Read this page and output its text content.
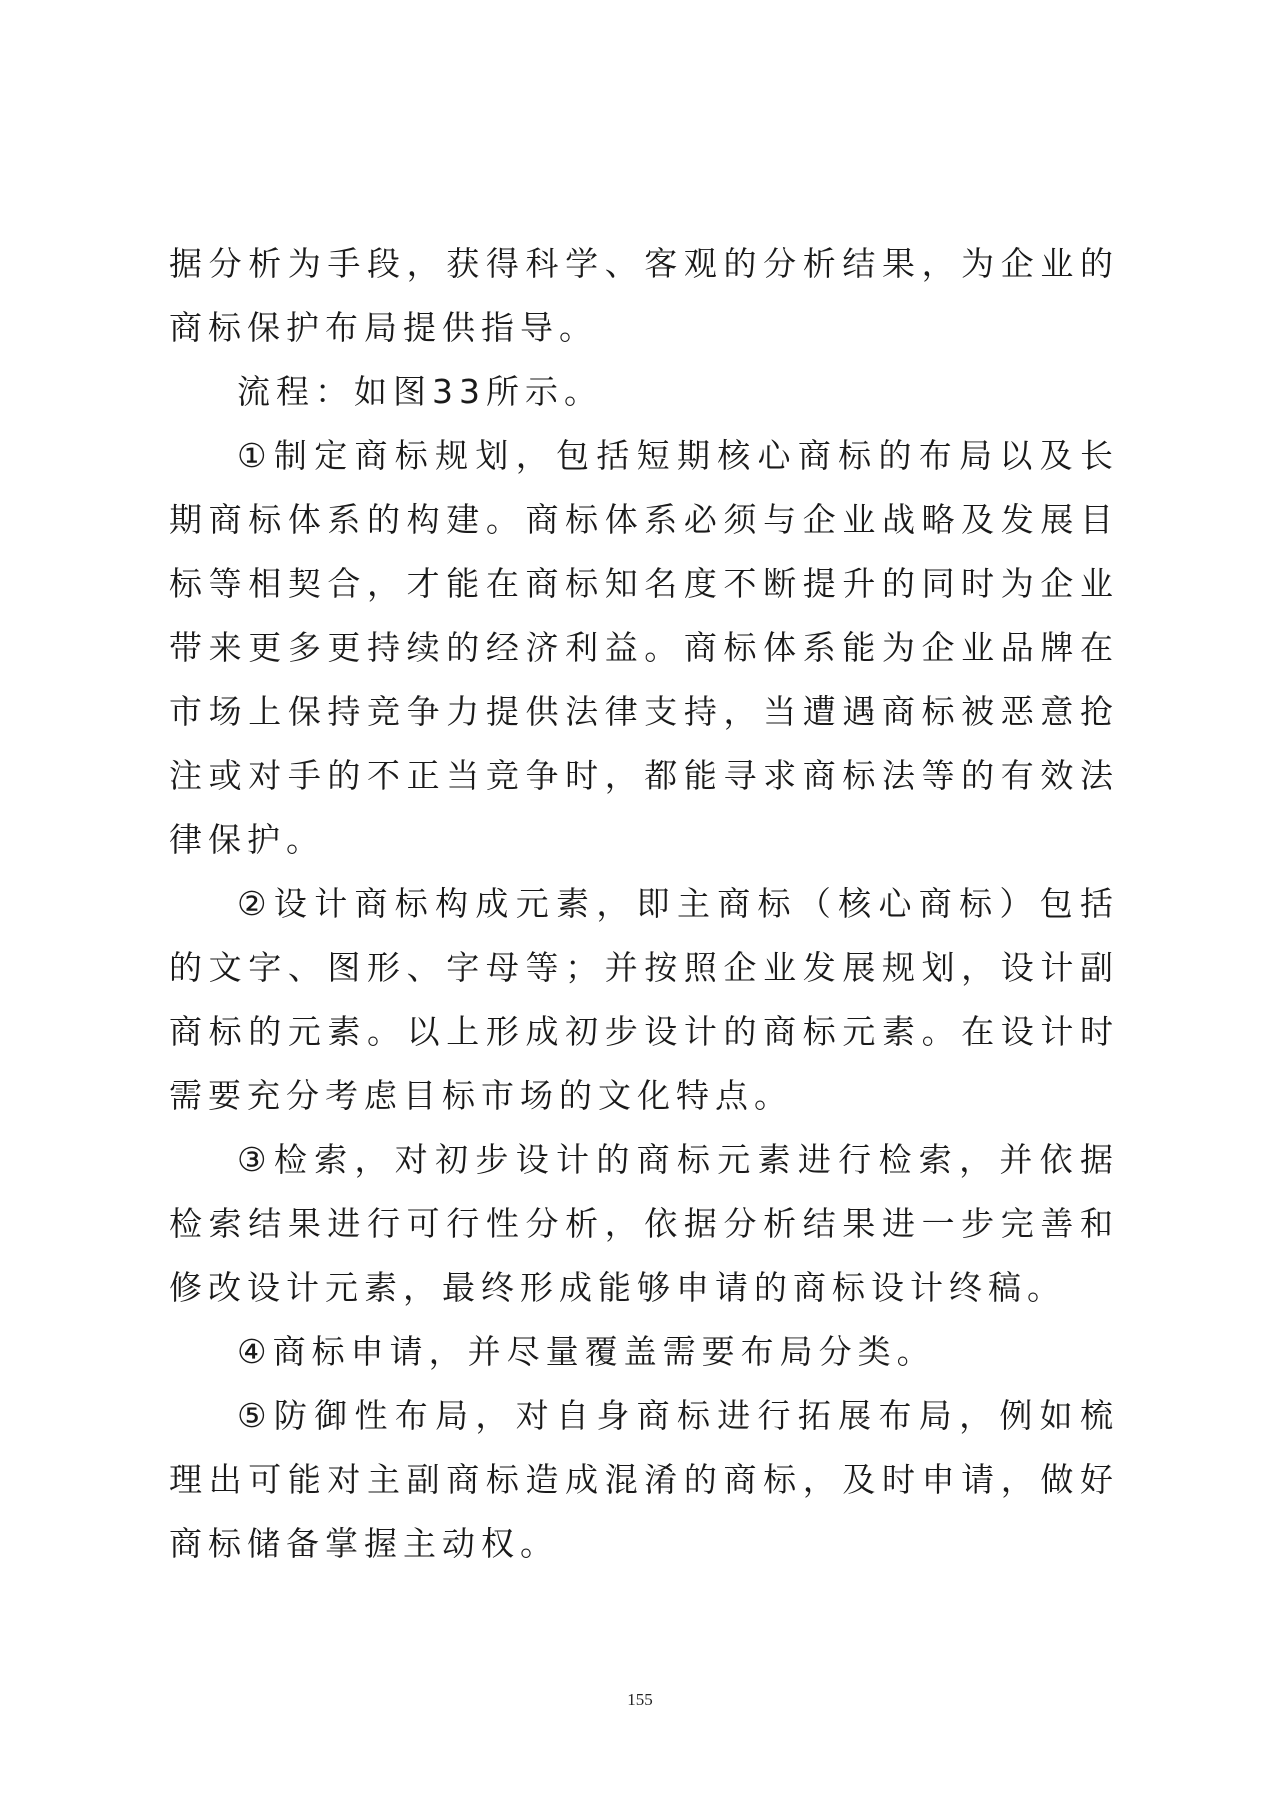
据分析为手段，获得科学、客观的分析结果，为企业的商标保护布局提供指导。

流程：如图33所示。

①制定商标规划，包括短期核心商标的布局以及长期商标体系的构建。商标体系必须与企业战略及发展目标等相契合，才能在商标知名度不断提升的同时为企业带来更多更持续的经济利益。商标体系能为企业品牌在市场上保持竞争力提供法律支持，当遭遇商标被恶意抢注或对手的不正当竞争时，都能寻求商标法等的有效法律保护。

②设计商标构成元素，即主商标（核心商标）包括的文字、图形、字母等；并按照企业发展规划，设计副商标的元素。以上形成初步设计的商标元素。在设计时需要充分考虑目标市场的文化特点。

③检索，对初步设计的商标元素进行检索，并依据检索结果进行可行性分析，依据分析结果进一步完善和修改设计元素，最终形成能够申请的商标设计终稿。

④商标申请，并尽量覆盖需要布局分类。

⑤防御性布局，对自身商标进行拓展布局，例如梳理出可能对主副商标造成混淆的商标，及时申请，做好商标储备掌握主动权。

155
